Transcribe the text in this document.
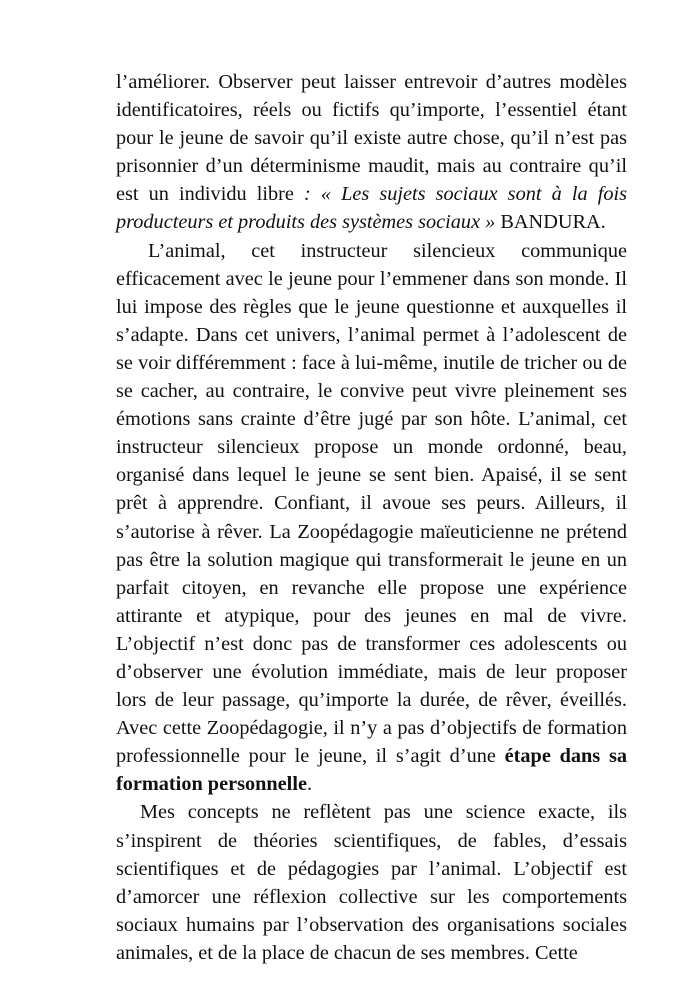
l’améliorer. Observer peut laisser entrevoir d’autres modèles identificatoires, réels ou fictifs qu’importe, l’essentiel étant pour le jeune de savoir qu’il existe autre chose, qu’il n’est pas prisonnier d’un déterminisme maudit, mais au contraire qu’il est un individu libre : « Les sujets sociaux sont à la fois producteurs et produits des systèmes sociaux » BANDURA.

L’animal, cet instructeur silencieux communique efficacement avec le jeune pour l’emmener dans son monde. Il lui impose des règles que le jeune questionne et auxquelles il s’adapte. Dans cet univers, l’animal permet à l’adolescent de se voir différemment : face à lui-même, inutile de tricher ou de se cacher, au contraire, le convive peut vivre pleinement ses émotions sans crainte d’être jugé par son hôte. L’animal, cet instructeur silencieux propose un monde ordonné, beau, organisé dans lequel le jeune se sent bien. Apaisé, il se sent prêt à apprendre. Confiant, il avoue ses peurs. Ailleurs, il s’autorise à rêver. La Zoopédagogie maïeuticienne ne prétend pas être la solution magique qui transformerait le jeune en un parfait citoyen, en revanche elle propose une expérience attirante et atypique, pour des jeunes en mal de vivre. L’objectif n’est donc pas de transformer ces adolescents ou d’observer une évolution immédiate, mais de leur proposer lors de leur passage, qu’importe la durée, de rêver, éveillés. Avec cette Zoopédagogie, il n’y a pas d’objectifs de formation professionnelle pour le jeune, il s’agit d’une étape dans sa formation personnelle.

Mes concepts ne reflètent pas une science exacte, ils s’inspirent de théories scientifiques, de fables, d’essais scientifiques et de pédagogies par l’animal. L’objectif est d’amorcer une réflexion collective sur les comportements sociaux humains par l’observation des organisations sociales animales, et de la place de chacun de ses membres. Cette
